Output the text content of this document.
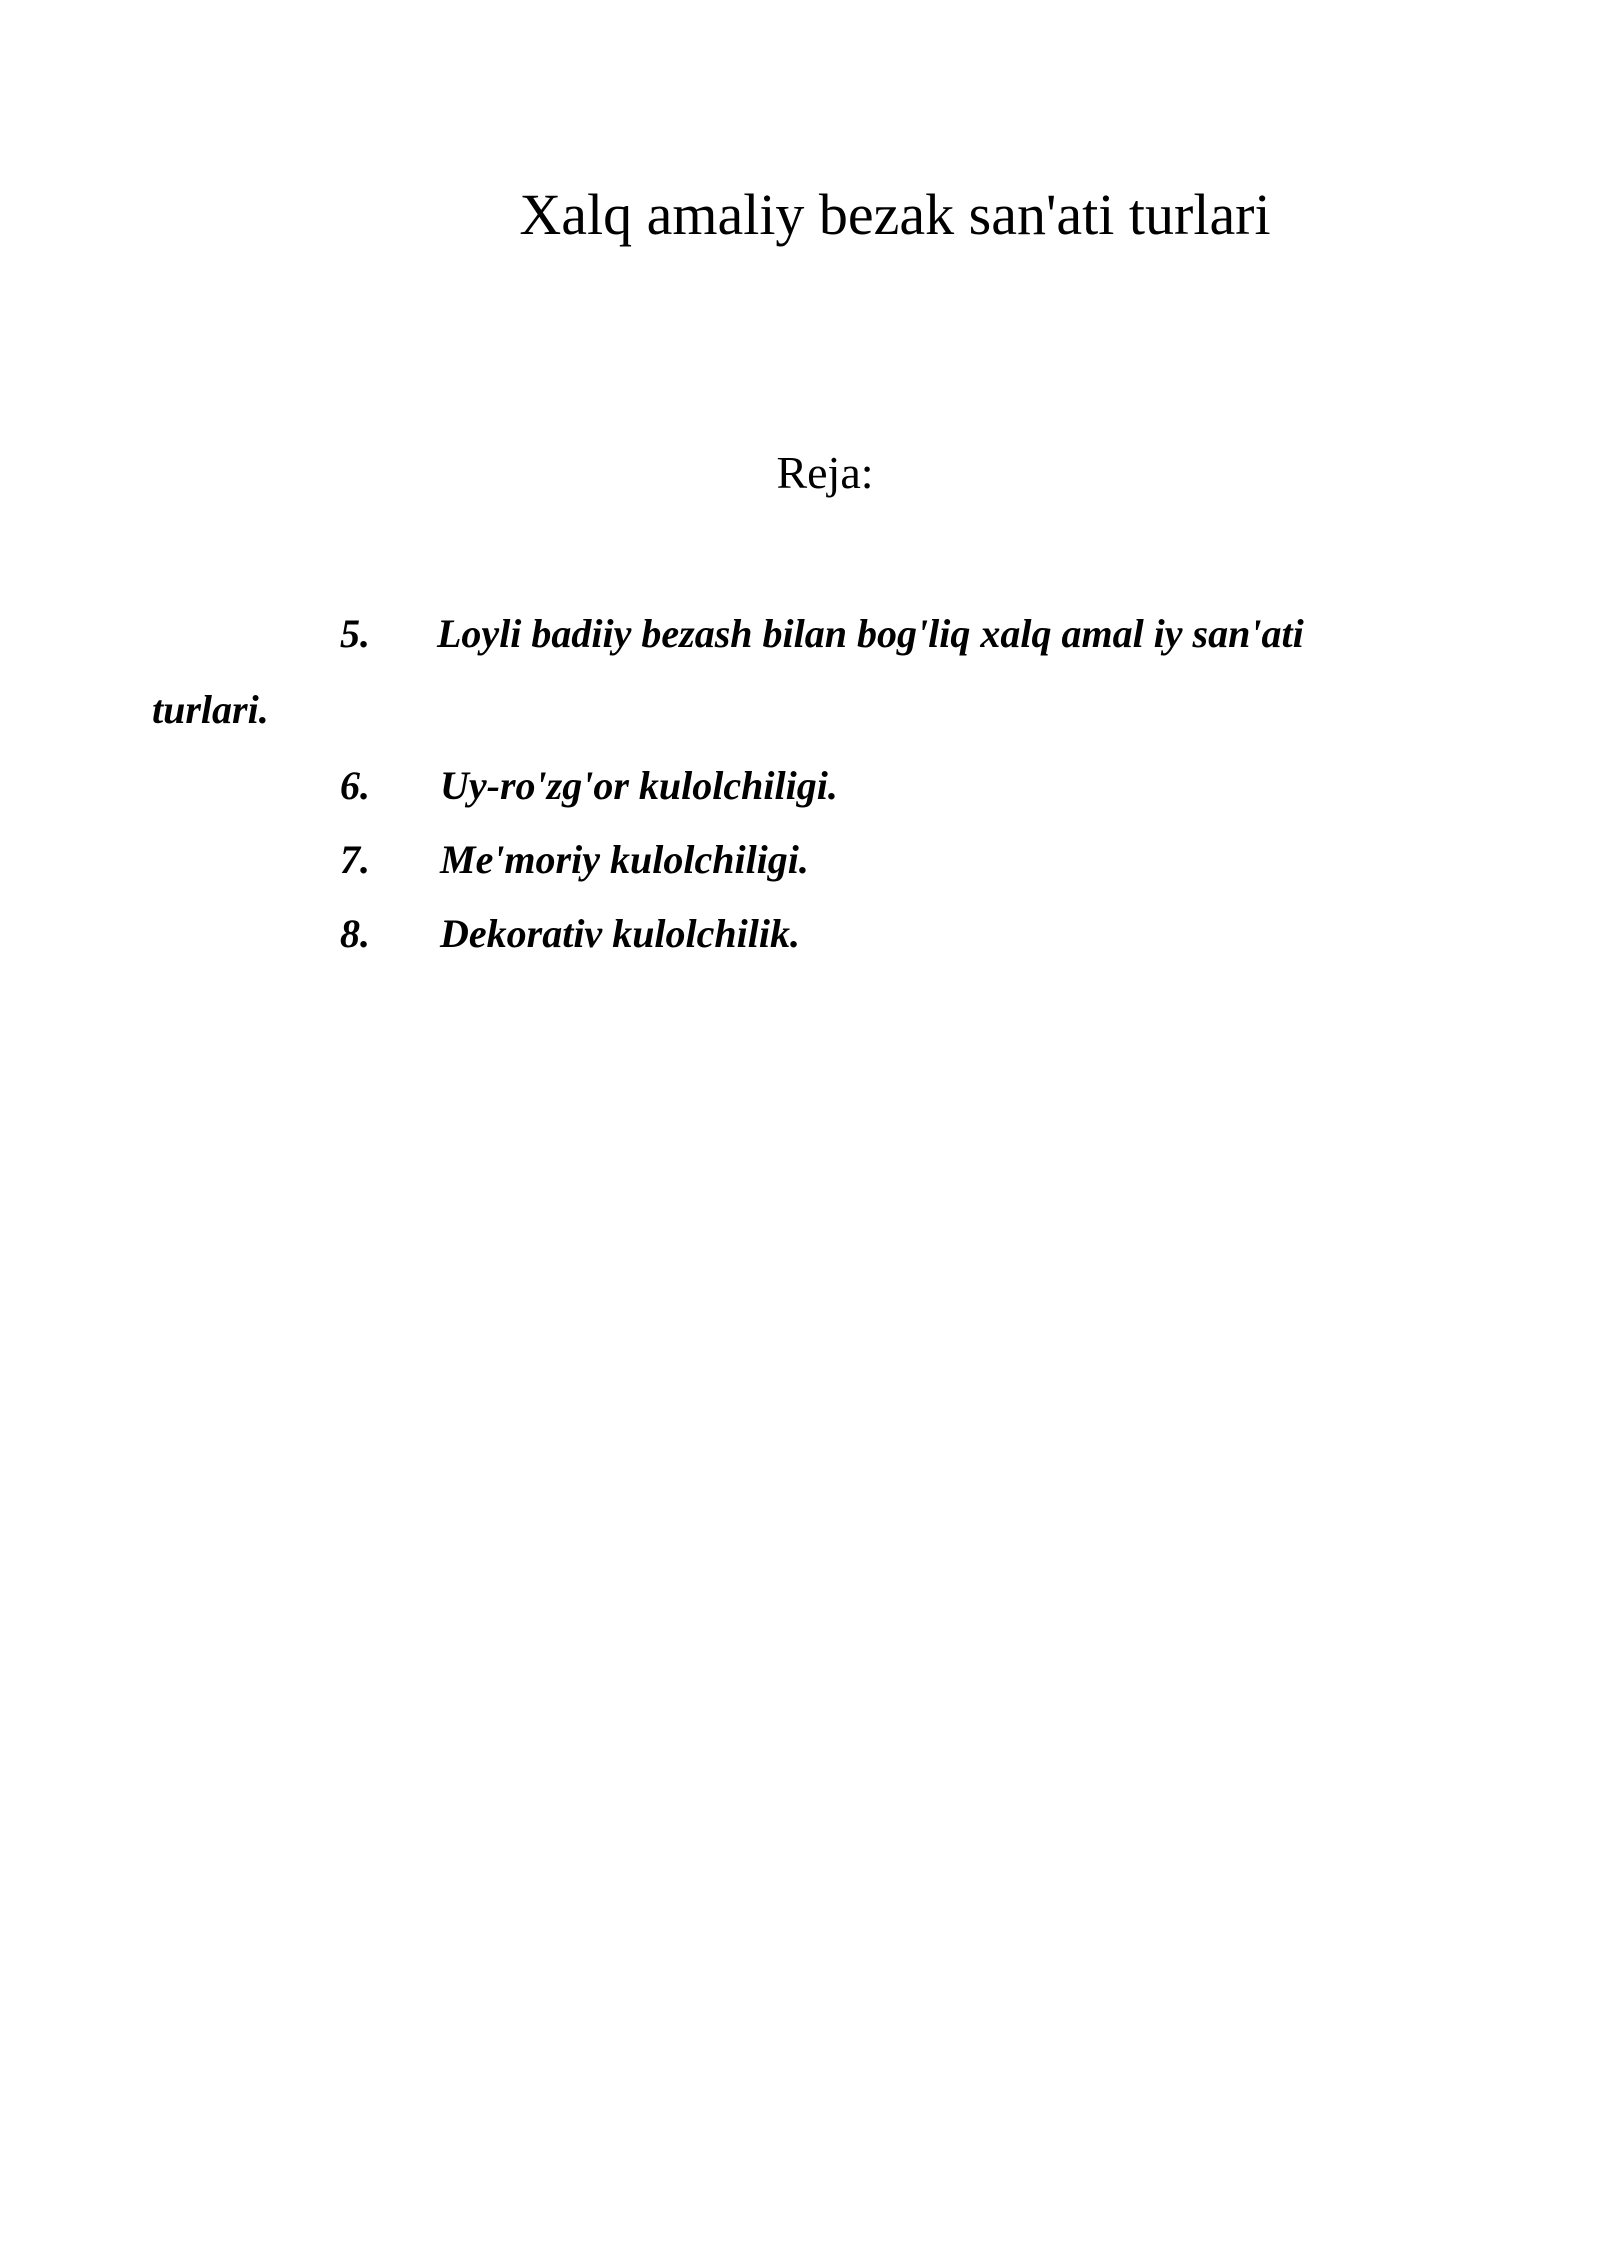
Xalq amaliy bezak san'ati turlari
Reja:
5. Loyli badiiy bezash bilan bog'liq xalq amal iy san'ati
turlari.
6. Uy-ro'zg'or kulolchiligi.
7. Me'moriy kulolchiligi.
8. Dekorativ kulolchilik.
